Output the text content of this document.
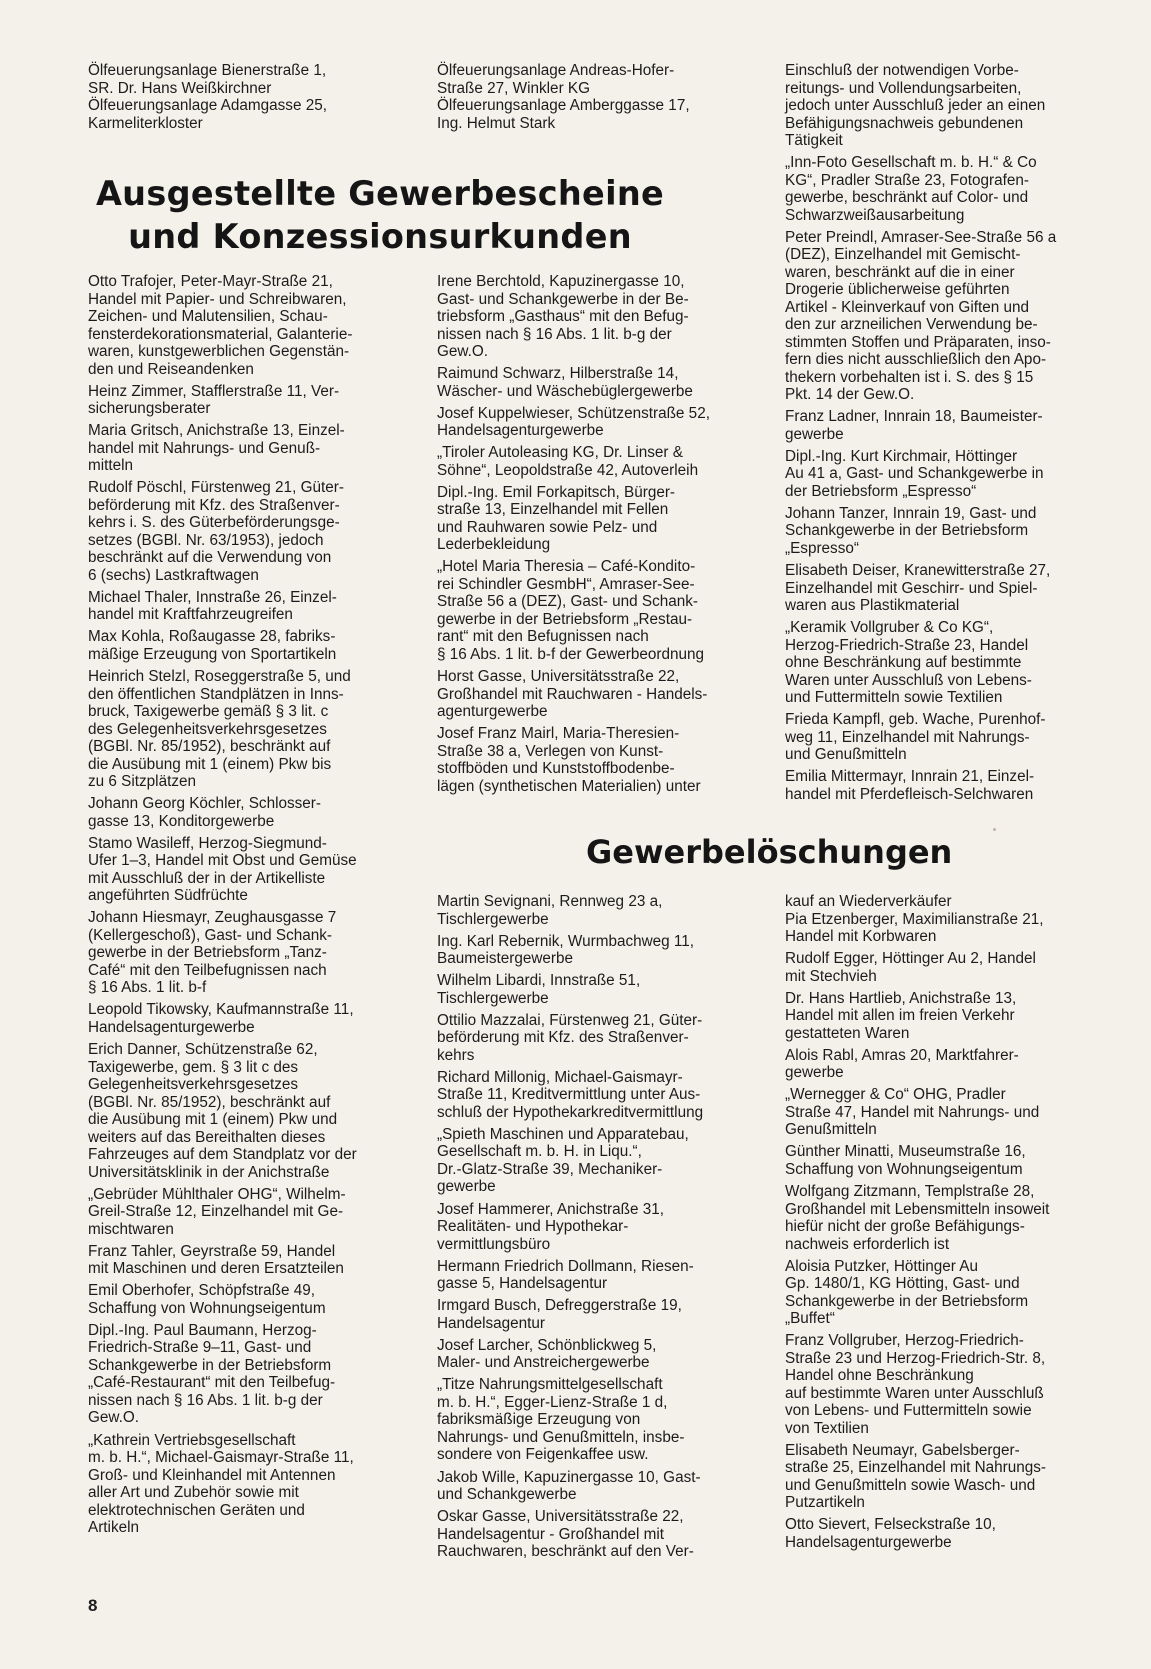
Ölfeuerungsanlage Bienerstraße 1,
SR. Dr. Hans Weißkirchner
Ölfeuerungsanlage Adamgasse 25,
Karmeliterkloster
Ölfeuerungsanlage Andreas-Hofer-
Straße 27, Winkler KG
Ölfeuerungsanlage Amberggasse 17,
Ing. Helmut Stark
Ausgestellte Gewerbescheine
und Konzessionsurkunden
Otto Trafojer, Peter-Mayr-Straße 21,
Handel mit Papier- und Schreibwaren,
Zeichen- und Malutensilien, Schau-
fensterdekorationsmaterial, Galanterie-
waren, kunstgewerblichen Gegenstän-
den und Reiseandenken
Heinz Zimmer, Stafflerstraße 11, Ver-
sicherungsberater
Maria Gritsch, Anichstraße 13, Einzel-
handel mit Nahrungs- und Genuß-
mitteln
Rudolf Pöschl, Fürstenweg 21, Güter-
beförderung mit Kfz. des Straßenver-
kehrs i. S. des Güterbeförderungsge-
setzes (BGBl. Nr. 63/1953), jedoch
beschränkt auf die Verwendung von
6 (sechs) Lastkraftwagen
Michael Thaler, Innstraße 26, Einzel-
handel mit Kraftfahrzeugreifen
Max Kohla, Roßaugasse 28, fabriks-
mäßige Erzeugung von Sportartikeln
Heinrich Stelzl, Roseggerstraße 5, und
den öffentlichen Standplätzen in Inns-
bruck, Taxigewerbe gemäß § 3 lit. c
des Gelegenheitsverkehrsgesetzes
(BGBl. Nr. 85/1952), beschränkt auf
die Ausübung mit 1 (einem) Pkw bis
zu 6 Sitzplätzen
Johann Georg Köchler, Schlosser-
gasse 13, Konditorgewerbe
Stamo Wasileff, Herzog-Siegmund-
Ufer 1–3, Handel mit Obst und Gemüse
mit Ausschluß der in der Artikelliste
angeführten Südfrüchte
Johann Hiesmayr, Zeughausgasse 7
(Kellergeschoß), Gast- und Schank-
gewerbe in der Betriebsform „Tanz-
Café“ mit den Teilbefugnissen nach
§ 16 Abs. 1 lit. b-f
Leopold Tikowsky, Kaufmannstraße 11,
Handelsagenturgewerbe
Erich Danner, Schützenstraße 62,
Taxigewerbe, gem. § 3 lit c des
Gelegenheitsverkehrsgesetzes
(BGBl. Nr. 85/1952), beschränkt auf
die Ausübung mit 1 (einem) Pkw und
weiters auf das Bereithalten dieses
Fahrzeuges auf dem Standplatz vor der
Universitätsklinik in der Anichstraße
„Gebrüder Mühlthaler OHG“, Wilhelm-
Greil-Straße 12, Einzelhandel mit Ge-
mischtwaren
Franz Tahler, Geyrstraße 59, Handel
mit Maschinen und deren Ersatzteilen
Emil Oberhofer, Schöpfstraße 49,
Schaffung von Wohnungseigentum
Dipl.-Ing. Paul Baumann, Herzog-
Friedrich-Straße 9–11, Gast- und
Schankgewerbe in der Betriebsform
„Café-Restaurant“ mit den Teilbefug-
nissen nach § 16 Abs. 1 lit. b-g der
Gew.O.
„Kathrein Vertriebsgesellschaft
m. b. H.“, Michael-Gaismayr-Straße 11,
Groß- und Kleinhandel mit Antennen
aller Art und Zubehör sowie mit
elektrotechnischen Geräten und
Artikeln
Irene Berchtold, Kapuzinergasse 10,
Gast- und Schankgewerbe in der Be-
triebsform „Gasthaus“ mit den Befug-
nissen nach § 16 Abs. 1 lit. b-g der
Gew.O.
Raimund Schwarz, Hilberstraße 14,
Wäscher- und Wäschebüglergewerbe
Josef Kuppelwieser, Schützenstraße 52,
Handelsagenturgewerbe
„Tiroler Autoleasing KG, Dr. Linser &
Söhne“, Leopoldstraße 42, Autoverleih
Dipl.-Ing. Emil Forkapitsch, Bürger-
straße 13, Einzelhandel mit Fellen
und Rauhwaren sowie Pelz- und
Lederbekleidung
„Hotel Maria Theresia – Café-Kondito-
rei Schindler GesmbH“, Amraser-See-
Straße 56 a (DEZ), Gast- und Schank-
gewerbe in der Betriebsform „Restau-
rant“ mit den Befugnissen nach
§ 16 Abs. 1 lit. b-f der Gewerbeordnung
Horst Gasse, Universitätsstraße 22,
Großhandel mit Rauchwaren - Handels-
agenturgewerbe
Josef Franz Mairl, Maria-Theresien-
Straße 38 a, Verlegen von Kunst-
stoffböden und Kunststoffbodenbe-
lägen (synthetischen Materialien) unter
Einschluß der notwendigen Vorbe-
reitungs- und Vollendungsarbeiten,
jedoch unter Ausschluß jeder an einen
Befähigungsnachweis gebundenen
Tätigkeit
„Inn-Foto Gesellschaft m. b. H.“ & Co
KG“, Pradler Straße 23, Fotografen-
gewerbe, beschränkt auf Color- und
Schwarzweißausarbeitung
Peter Preindl, Amraser-See-Straße 56 a
(DEZ), Einzelhandel mit Gemischt-
waren, beschränkt auf die in einer
Drogerie üblicherweise geführten
Artikel - Kleinverkauf von Giften und
den zur arzneilichen Verwendung be-
stimmten Stoffen und Präparaten, inso-
fern dies nicht ausschließlich den Apo-
thekern vorbehalten ist i. S. des § 15
Pkt. 14 der Gew.O.
Franz Ladner, Innrain 18, Baumeister-
gewerbe
Dipl.-Ing. Kurt Kirchmair, Höttinger
Au 41 a, Gast- und Schankgewerbe in
der Betriebsform „Espresso“
Johann Tanzer, Innrain 19, Gast- und
Schankgewerbe in der Betriebsform
„Espresso“
Elisabeth Deiser, Kranewitterstraße 27,
Einzelhandel mit Geschirr- und Spiel-
waren aus Plastikmaterial
„Keramik Vollgruber & Co KG“,
Herzog-Friedrich-Straße 23, Handel
ohne Beschränkung auf bestimmte
Waren unter Ausschluß von Lebens-
und Futtermitteln sowie Textilien
Frieda Kampfl, geb. Wache, Purenhof-
weg 11, Einzelhandel mit Nahrungs-
und Genußmitteln
Emilia Mittermayr, Innrain 21, Einzel-
handel mit Pferdefleisch-Selchwaren
Gewerbelöschungen
Martin Sevignani, Rennweg 23 a,
Tischlergewerbe
Ing. Karl Rebernik, Wurmbachweg 11,
Baumeistergewerbe
Wilhelm Libardi, Innstraße 51,
Tischlergewerbe
Ottilio Mazzalai, Fürstenweg 21, Güter-
beförderung mit Kfz. des Straßenver-
kehrs
Richard Millonig, Michael-Gaismayr-
Straße 11, Kreditvermittlung unter Aus-
schluß der Hypothekarkreditvermittlung
„Spieth Maschinen und Apparatebau,
Gesellschaft m. b. H. in Liqu.“,
Dr.-Glatz-Straße 39, Mechaniker-
gewerbe
Josef Hammerer, Anichstraße 31,
Realitäten- und Hypothekar-
vermittlungsbüro
Hermann Friedrich Dollmann, Riesen-
gasse 5, Handelsagentur
Irmgard Busch, Defreggerstraße 19,
Handelsagentur
Josef Larcher, Schönblickweg 5,
Maler- und Anstreichergewerbe
„Titze Nahrungsmittelgesellschaft
m. b. H.“, Egger-Lienz-Straße 1 d,
fabriksmäßige Erzeugung von
Nahrungs- und Genußmitteln, insbe-
sondere von Feigenkaffee usw.
Jakob Wille, Kapuzinergasse 10, Gast-
und Schankgewerbe
Oskar Gasse, Universitätsstraße 22,
Handelsagentur - Großhandel mit
Rauchwaren, beschränkt auf den Ver-
kauf an Wiederverkäufer
Pia Etzenberger, Maximilianstraße 21,
Handel mit Korbwaren
Rudolf Egger, Höttinger Au 2, Handel
mit Stechvieh
Dr. Hans Hartlieb, Anichstraße 13,
Handel mit allen im freien Verkehr
gestatteten Waren
Alois Rabl, Amras 20, Marktfahrer-
gewerbe
„Wernegger & Co“ OHG, Pradler
Straße 47, Handel mit Nahrungs- und
Genußmitteln
Günther Minatti, Museumstraße 16,
Schaffung von Wohnungseigentum
Wolfgang Zitzmann, Templstraße 28,
Großhandel mit Lebensmitteln insoweit
hiefür nicht der große Befähigungs-
nachweis erforderlich ist
Aloisia Putzker, Höttinger Au
Gp. 1480/1, KG Hötting, Gast- und
Schankgewerbe in der Betriebsform
„Buffet“
Franz Vollgruber, Herzog-Friedrich-
Straße 23 und Herzog-Friedrich-Str. 8,
Handel ohne Beschränkung
auf bestimmte Waren unter Ausschluß
von Lebens- und Futtermitteln sowie
von Textilien
Elisabeth Neumayr, Gabelsberger-
straße 25, Einzelhandel mit Nahrungs-
und Genußmitteln sowie Wasch- und
Putzartikeln
Otto Sievert, Felseckstraße 10,
Handelsagenturgewerbe
8
